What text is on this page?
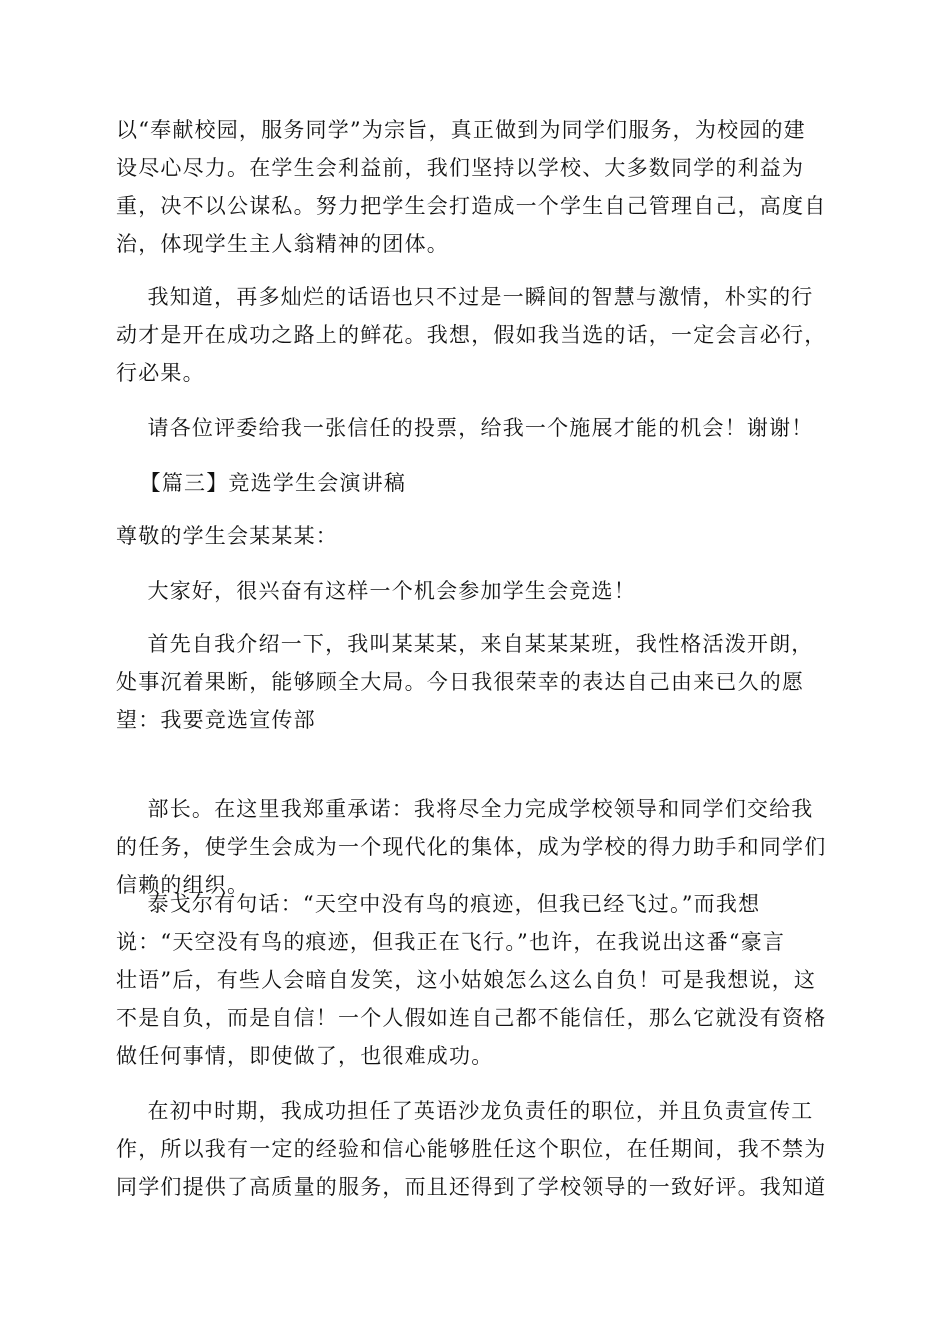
以“奉献校园，服务同学”为宗旨，真正做到为同学们服务，为校园的建
设尽心尽力。在学生会利益前，我们坚持以学校、大多数同学的利益为
重，决不以公谋私。努力把学生会打造成一个学生自己管理自己，高度自
治，体现学生主人翁精神的团体。

我知道，再多灿烂的话语也只不过是一瞬间的智慧与激情，朴实的行
动才是开在成功之路上的鲜花。我想，假如我当选的话，一定会言必行，
行必果。

请各位评委给我一张信任的投票，给我一个施展才能的机会！谢谢！

【篇三】竞选学生会演讲稿

尊敬的学生会某某某：

大家好，很兴奋有这样一个机会参加学生会竞选！

首先自我介绍一下，我叫某某某，来自某某某班，我性格活泼开朗，
处事沉着果断，能够顾全大局。今日我很荣幸的表达自己由来已久的愿
望：我要竞选宣传部

部长。在这里我郑重承诺：我将尽全力完成学校领导和同学们交给我
的任务，使学生会成为一个现代化的集体，成为学校的得力助手和同学们
信赖的组织。

泰戈尔有句话：“天空中没有鸟的痕迹，但我已经飞过。”而我想
说：“天空没有鸟的痕迹，但我正在飞行。”也许，在我说出这番“豪言
壮语”后，有些人会暗自发笑，这小姑娘怎么这么自负！可是我想说，这
不是自负，而是自信！一个人假如连自己都不能信任，那么它就没有资格
做任何事情，即使做了，也很难成功。

在初中时期，我成功担任了英语沙龙负责任的职位，并且负责宣传工
作，所以我有一定的经验和信心能够胜任这个职位，在任期间，我不禁为
同学们提供了高质量的服务，而且还得到了学校领导的一致好评。我知道
